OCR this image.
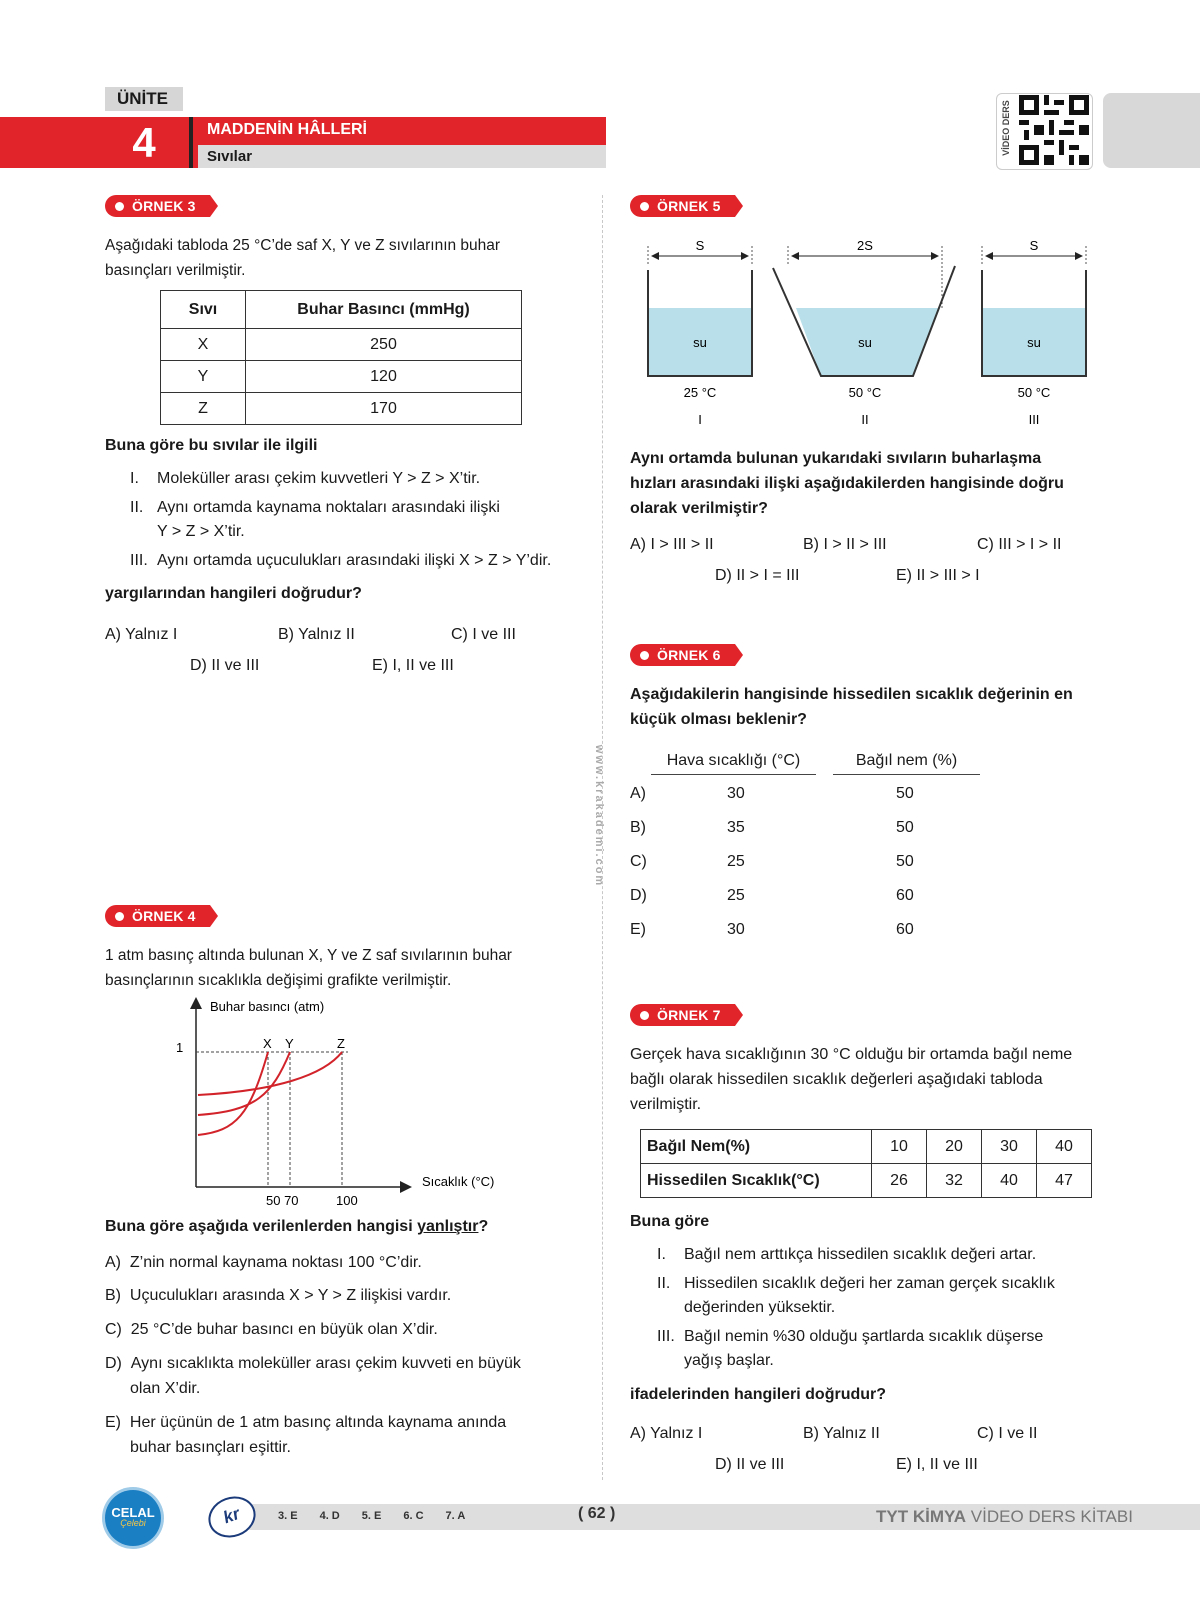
ÜNİTE
4	MADDENİN HÂLLERİ
Sıvılar
VİDEO DERS
www.krakademi.com
ÖRNEK 3
Aşağıdaki tabloda 25 °C’de saf X, Y ve Z sıvılarının buhar
basınçları verilmiştir.
Sıvı	Buhar Basıncı (mmHg)
X	250
Y	120
Z	170
Buna göre bu sıvılar ile ilgili
I. Moleküller arası çekim kuvvetleri Y > Z > X’tir.
II. Aynı ortamda kaynama noktaları arasındaki ilişki
Y > Z > X’tir.
III. Aynı ortamda uçuculukları arasındaki ilişki X > Z > Y’dir.
yargılarından hangileri doğrudur?
A) Yalnız I	B) Yalnız II	C) I ve III
D) II ve III	E) I, II ve III
ÖRNEK 4
1 atm basınç altında bulunan X, Y ve Z saf sıvılarının buhar
basınçlarının sıcaklıkla değişimi grafikte verilmiştir.
Buhar basıncı (atm)
Sıcaklık (°C)
1	X Y	Z
50 70	100
Buna göre aşağıda verilenlerden hangisi yanlıştır?
A) Z’nin normal kaynama noktası 100 °C’dir.
B) Uçuculukları arasında X > Y > Z ilişkisi vardır.
C) 25 °C’de buhar basıncı en büyük olan X’dir.
D) Aynı sıcaklıkta moleküller arası çekim kuvveti en büyük
olan X’dir.
E) Her üçünün de 1 atm basınç altında kaynama anında
buhar basınçları eşittir.
ÖRNEK 5
S	2S	S
su	su	su
25 °C	50 °C	50 °C
I	II	III
Aynı ortamda bulunan yukarıdaki sıvıların buharlaşma
hızları arasındaki ilişki aşağıdakilerden hangisinde doğru
olarak verilmiştir?
A) I > III > II	B) I > II > III	C) III > I > II
D) II > I = III	E) II > III > I
ÖRNEK 6
Aşağıdakilerin hangisinde hissedilen sıcaklık değerinin en
küçük olması beklenir?
Hava sıcaklığı (°C)	Bağıl nem (%)
A)	30	50
B)	35	50
C)	25	50
D)	25	60
E)	30	60
ÖRNEK 7
Gerçek hava sıcaklığının 30 °C olduğu bir ortamda bağıl neme
bağlı olarak hissedilen sıcaklık değerleri aşağıdaki tabloda
verilmiştir.
Bağıl Nem(%)	10	20	30	40
Hissedilen Sıcaklık(°C)	26	32	40	47
Buna göre
I. Bağıl nem arttıkça hissedilen sıcaklık değeri artar.
II. Hissedilen sıcaklık değeri her zaman gerçek sıcaklık
değerinden yüksektir.
III. Bağıl nemin %30 olduğu şartlarda sıcaklık düşerse
yağış başlar.
ifadelerinden hangileri doğrudur?
A) Yalnız I	B) Yalnız II	C) I ve II
D) II ve III	E) I, II ve III
CELAL
Çelebi	kr	3. E 4. D 5. E 6. C 7. A	( 62 )	TYT KİMYA VİDEO DERS KİTABI
